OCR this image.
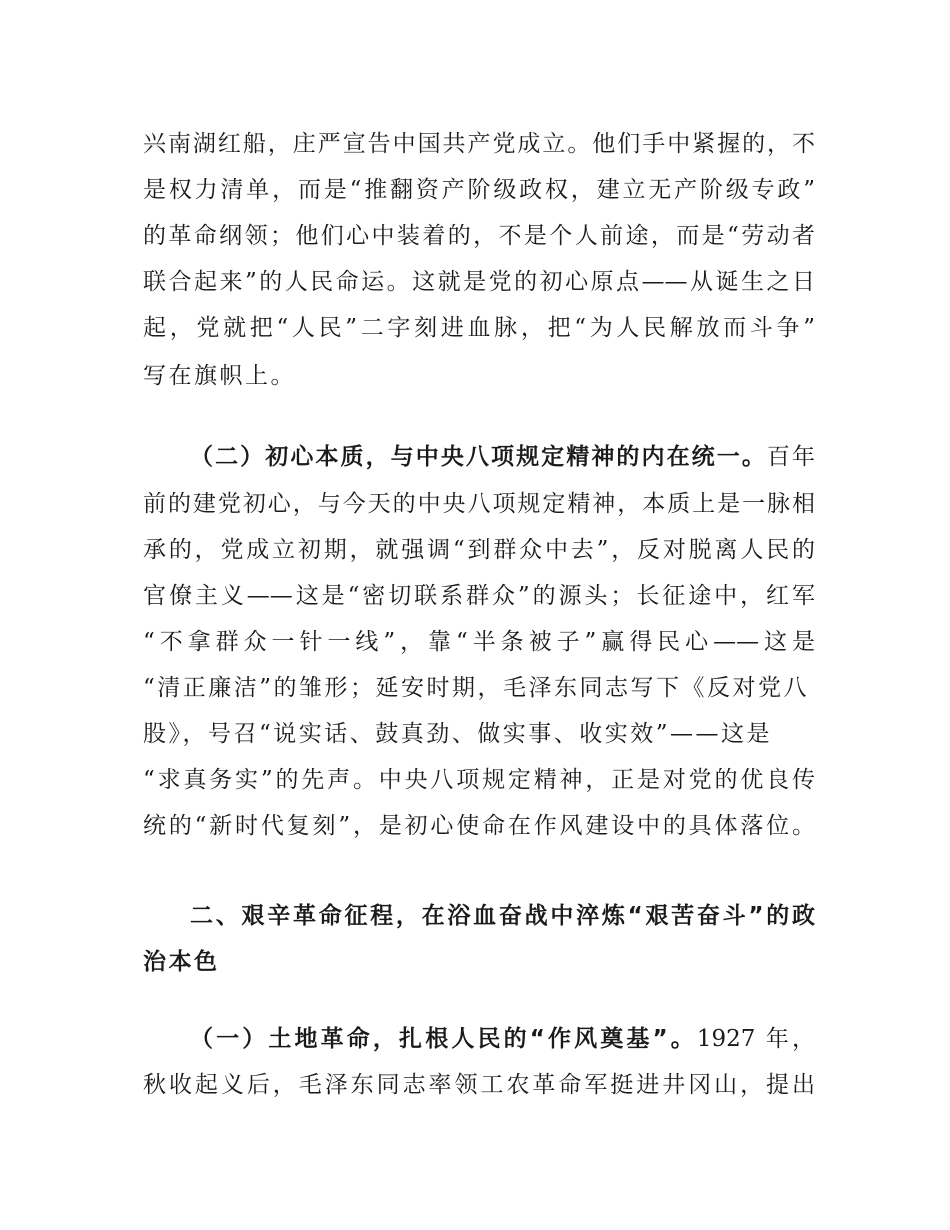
兴南湖红船，庄严宣告中国共产党成立。他们手中紧握的，不
是权力清单，而是“推翻资产阶级政权，建立无产阶级专政”
的革命纲领；他们心中装着的，不是个人前途，而是“劳动者
联合起来”的人民命运。这就是党的初心原点——从诞生之日
起，党就把“人民”二字刻进血脉，把“为人民解放而斗争”
写在旗帜上。
（二）初心本质，与中央八项规定精神的内在统一。百年
前的建党初心，与今天的中央八项规定精神，本质上是一脉相
承的，党成立初期，就强调“到群众中去”，反对脱离人民的
官僚主义——这是“密切联系群众”的源头；长征途中，红军
“不拿群众一针一线”，靠“半条被子”赢得民心——这是
“清正廉洁”的雏形；延安时期，毛泽东同志写下《反对党八
股》，号召“说实话、鼓真劲、做实事、收实效”——这是
“求真务实”的先声。中央八项规定精神，正是对党的优良传
统的“新时代复刻”，是初心使命在作风建设中的具体落位。
二、艰辛革命征程，在浴血奋战中淬炼“艰苦奋斗”的政
治本色
（一）土地革命，扎根人民的“作风奠基”。1927 年，
秋收起义后，毛泽东同志率领工农革命军挺进井冈山，提出
